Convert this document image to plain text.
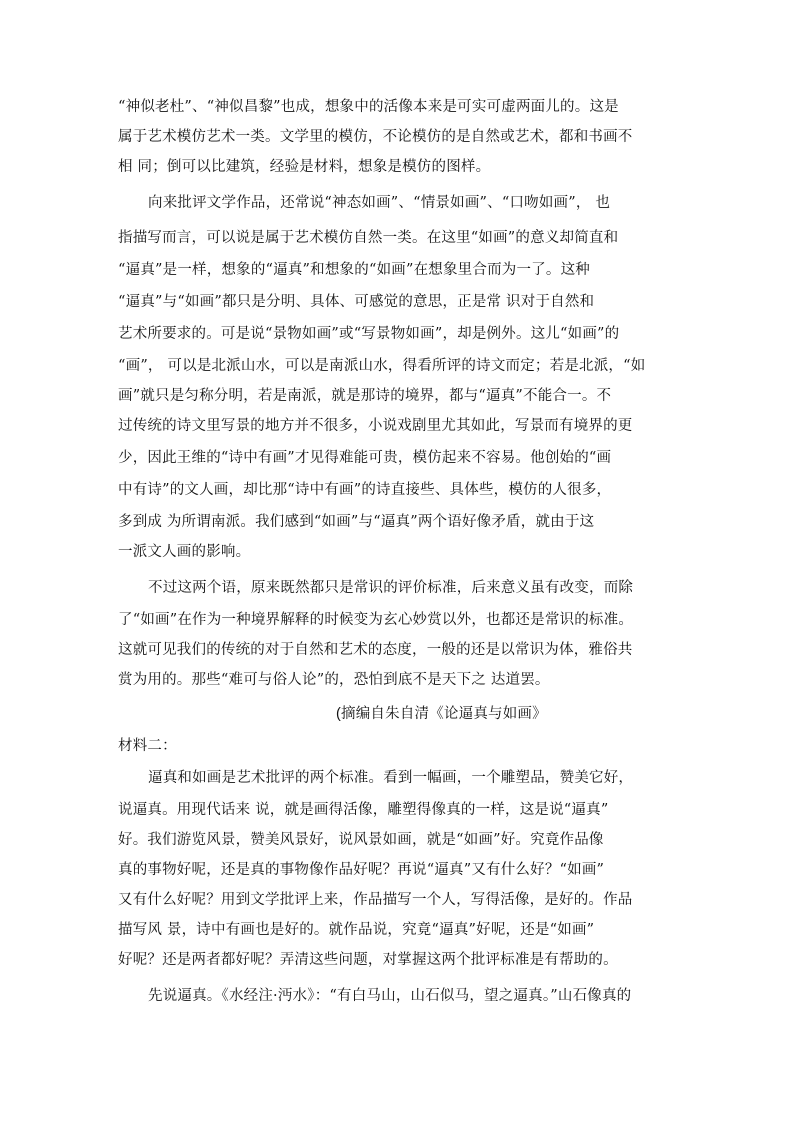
“神似老杜”、“神似昌黎”也成，想象中的活像本来是可实可虚两面儿的。这是

属于艺术模仿艺术一类。文学里的模仿，不论模仿的是自然或艺术，都和书画不

相 同；倒可以比建筑，经验是材料，想象是模仿的图样。

向来批评文学作品，还常说“神态如画”、“情景如画”、“口吻如画”， 也

指描写而言，可以说是属于艺术模仿自然一类。在这里“如画”的意义却简直和

“逼真”是一样，想象的“逼真”和想象的“如画”在想象里合而为一了。这种

“逼真”与“如画”都只是分明、具体、可感觉的意思，正是常 识对于自然和

艺术所要求的。可是说“景物如画”或“写景物如画”，却是例外。这儿“如画”的

“画”， 可以是北派山水，可以是南派山水，得看所评的诗文而定；若是北派，“如

画”就只是匀称分明，若是南派，就是那诗的境界，都与“逼真”不能合一。不

过传统的诗文里写景的地方并不很多，小说戏剧里尤其如此，写景而有境界的更

少，因此王维的“诗中有画”才见得难能可贵，模仿起来不容易。他创始的“画

中有诗”的文人画，却比那“诗中有画”的诗直接些、具体些，模仿的人很多，

多到成 为所谓南派。我们感到“如画”与“逼真”两个语好像矛盾，就由于这

一派文人画的影响。

不过这两个语，原来既然都只是常识的评价标准，后来意义虽有改变，而除

了“如画”在作为一种境界解释的时候变为玄心妙赏以外，也都还是常识的标准。

这就可见我们的传统的对于自然和艺术的态度，一般的还是以常识为体，雅俗共

赏为用的。那些“难可与俗人论”的，恐怕到底不是天下之 达道罢。

(摘编自朱自清《论逼真与如画》

材料二：

逼真和如画是艺术批评的两个标准。看到一幅画，一个雕塑品，赞美它好，

说逼真。用现代话来 说，就是画得活像，雕塑得像真的一样，这是说“逼真”

好。我们游览风景，赞美风景好，说风景如画，就是“如画”好。究竟作品像

真的事物好呢，还是真的事物像作品好呢？再说“逼真”又有什么好？“如画”

又有什么好呢？用到文学批评上来，作品描写一个人，写得活像，是好的。作品

描写风 景，诗中有画也是好的。就作品说，究竟“逼真”好呢，还是“如画”

好呢？还是两者都好呢？弄清这些问题，对掌握这两个批评标准是有帮助的。

先说逼真。《水经注·沔水》：“有白马山，山石似马，望之逼真。”山石像真的
